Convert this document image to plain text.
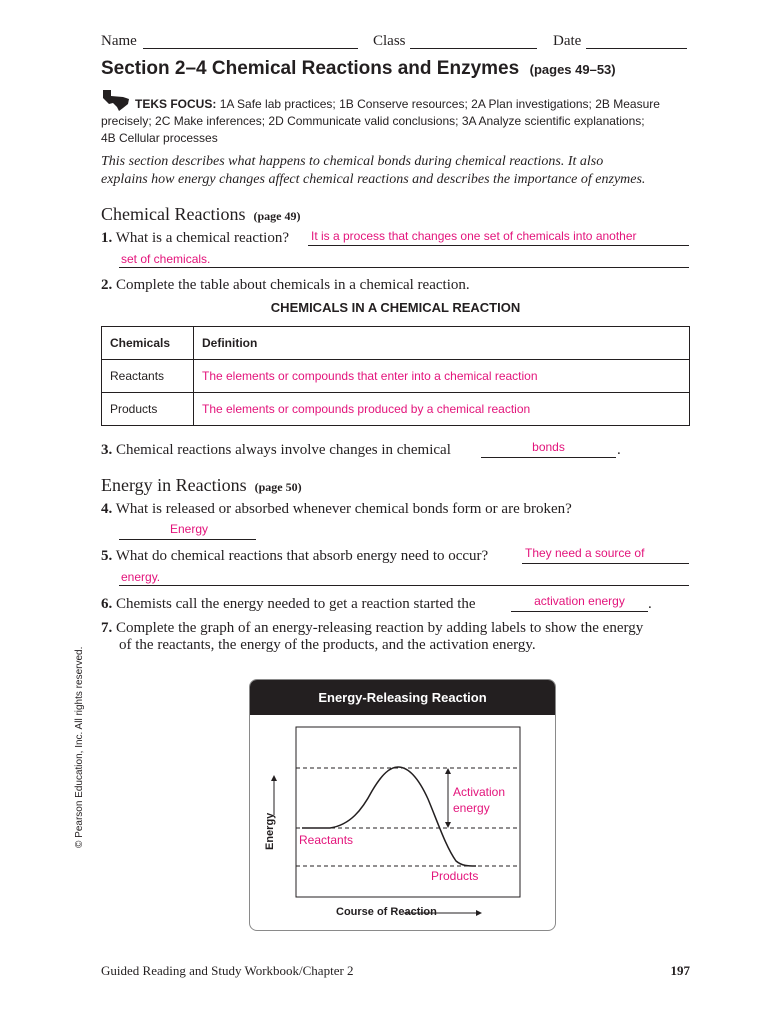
Name	Class	Date
Section 2–4 Chemical Reactions and Enzymes (pages 49–53)
TEKS FOCUS: 1A Safe lab practices; 1B Conserve resources; 2A Plan investigations; 2B Measure
precisely; 2C Make inferences; 2D Communicate valid conclusions; 3A Analyze scientific explanations;
4B Cellular processes
This section describes what happens to chemical bonds during chemical reactions. It also
explains how energy changes affect chemical reactions and describes the importance of enzymes.
Chemical Reactions (page 49)
1. What is a chemical reaction? It is a process that changes one set of chemicals into another
set of chemicals.
2. Complete the table about chemicals in a chemical reaction.
CHEMICALS IN A CHEMICAL REACTION
Chemicals	Definition
Reactants	The elements or compounds that enter into a chemical reaction
Products	The elements or compounds produced by a chemical reaction
3. Chemical reactions always involve changes in chemical	bonds	.
Energy in Reactions (page 50)
4. What is released or absorbed whenever chemical bonds form or are broken?
Energy
5. What do chemical reactions that absorb energy need to occur?	They need a source of
energy.
6. Chemists call the energy needed to get a reaction started the	activation energy	.
7. Complete the graph of an energy-releasing reaction by adding labels to show the energy
of the reactants, the energy of the products, and the activation energy.
Energy-Releasing Reaction
Energy
Course of Reaction
Activation
energy
Reactants
Products
© Pearson Education, Inc. All rights reserved.
Guided Reading and Study Workbook/Chapter 2	197
